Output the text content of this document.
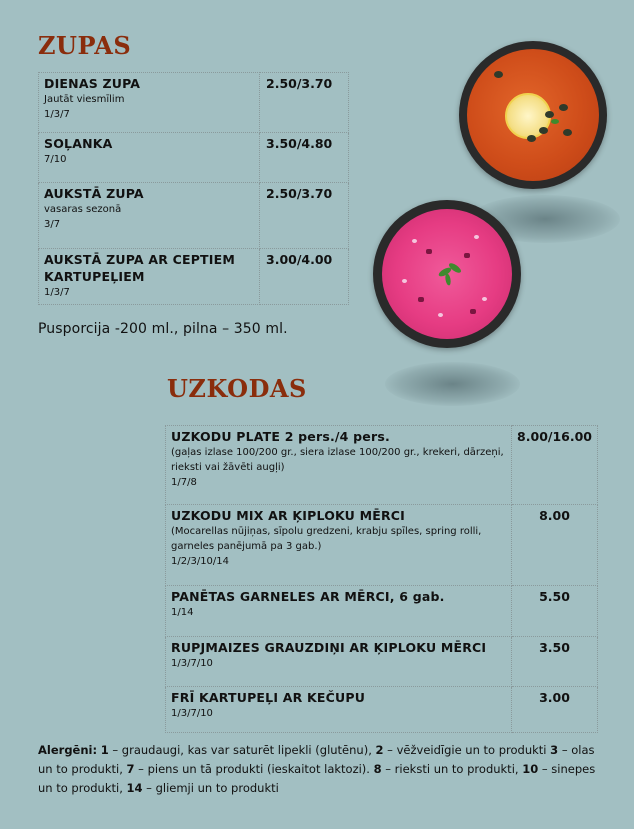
ZUPAS
DIENAS ZUPA
Jautāt viesmīlim
1/3/7	2.50/3.70

SOĻANKA
7/10	3.50/4.80

AUKSTĀ ZUPA
vasaras sezonā
3/7	2.50/3.70

AUKSTĀ ZUPA AR CEPTIEM KARTUPEĻIEM
1/3/7	3.00/4.00
Pusporcija -200 ml., pilna – 350 ml.
UZKODAS
UZKODU PLATE 2 pers./4 pers.
(gaļas izlase 100/200 gr., siera izlase 100/200 gr., krekeri, dārzeņi, rieksti vai žāvēti augļi)
1/7/8	8.00/16.00

UZKODU MIX AR ĶIPLOKU MĒRCI
(Mocarellas nūjiņas, sīpolu gredzeni, krabju spīles, spring rolli, garneles panējumā pa 3 gab.)
1/2/3/10/14	8.00

PANĒTAS GARNELES AR MĒRCI, 6 gab.
1/14	5.50

RUPJMAIZES GRAUZDIŅI AR ĶIPLOKU MĒRCI
1/3/7/10	3.50

FRĪ KARTUPEĻI AR KEČUPU
1/3/7/10	3.00
Alergēni: 1 – graudaugi, kas var saturēt lipekli (glutēnu), 2 – vēžveidīgie un to produkti 3 – olas un to produkti, 7 – piens un tā produkti (ieskaitot laktozi). 8 – rieksti un to produkti, 10 – sinepes un to produkti, 14 – gliemji un to produkti
